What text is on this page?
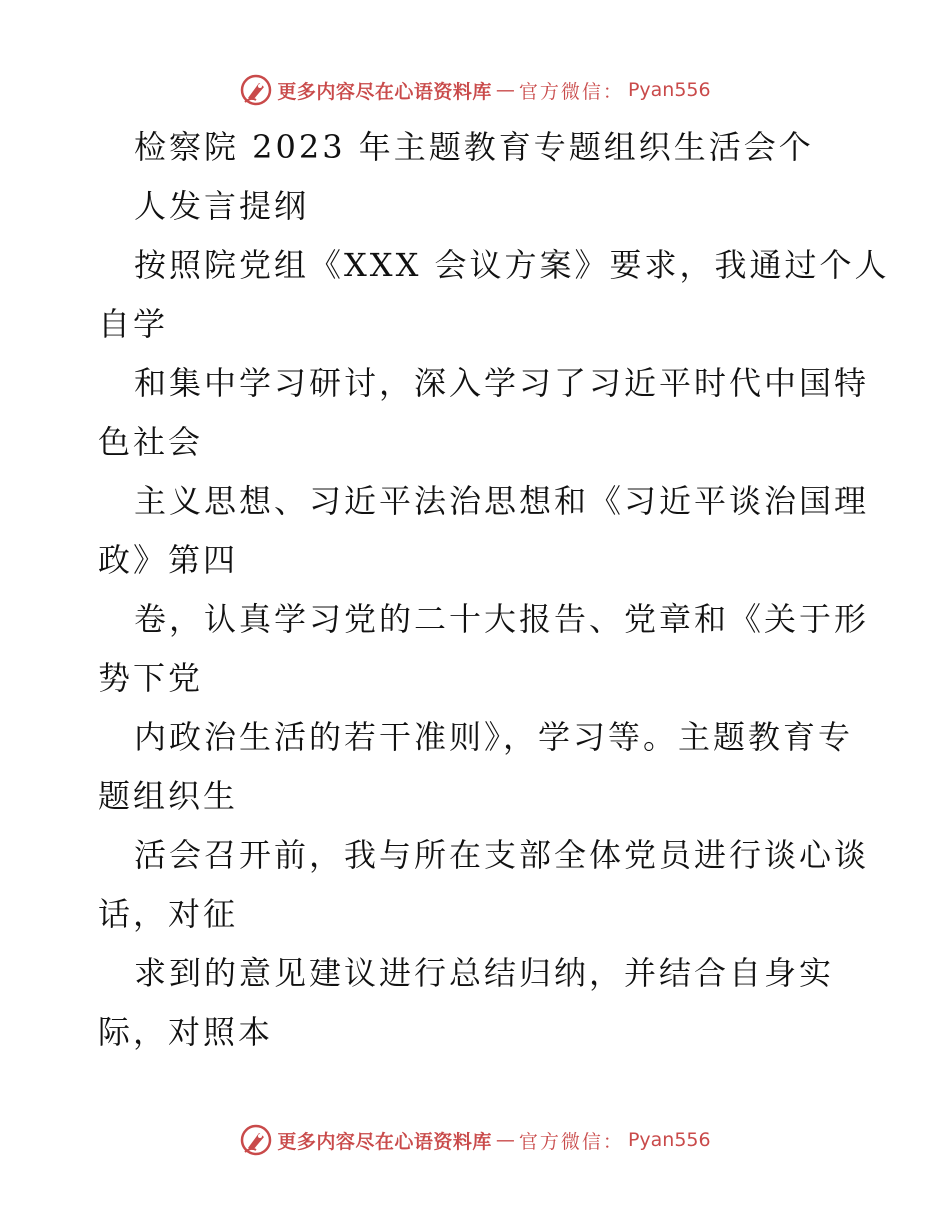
更多内容尽在心语资料库 — 官方微信： Pyan556
检察院 2023 年主题教育专题组织生活会个
人发言提纲
按照院党组《XXX 会议方案》要求，我通过个人
自学
和集中学习研讨，深入学习了习近平时代中国特
色社会
主义思想、习近平法治思想和《习近平谈治国理
政》第四
卷，认真学习党的二十大报告、党章和《关于形
势下党
内政治生活的若干准则》，学习等。主题教育专
题组织生
活会召开前，我与所在支部全体党员进行谈心谈
话，对征
求到的意见建议进行总结归纳，并结合自身实
际，对照本
更多内容尽在心语资料库 — 官方微信： Pyan556
